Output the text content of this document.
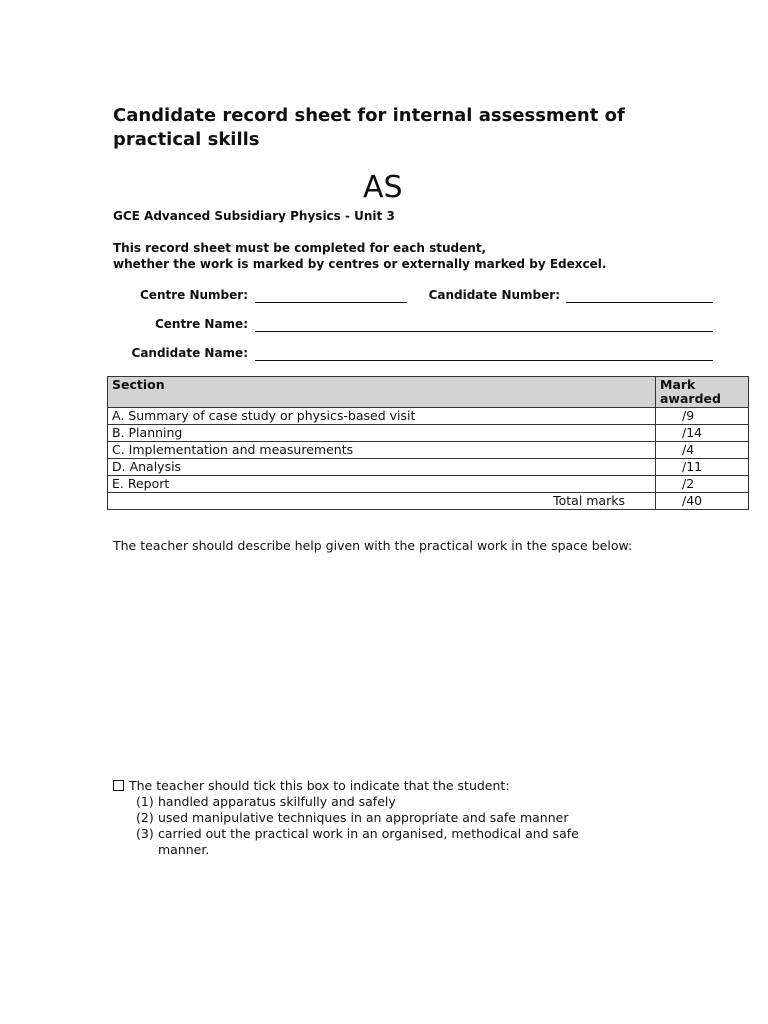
Candidate record sheet for internal assessment of practical skills
AS
GCE Advanced Subsidiary Physics - Unit 3
This record sheet must be completed for each student,
whether the work is marked by centres or externally marked by Edexcel.
Centre Number:	Candidate Number:
Centre Name:
Candidate Name:
Section	Mark awarded
A. Summary of case study or physics-based visit	/9
B. Planning	/14
C. Implementation and measurements	/4
D. Analysis	/11
E. Report	/2
Total marks	/40
The teacher should describe help given with the practical work in the space below:
The teacher should tick this box to indicate that the student:
(1) handled apparatus skilfully and safely
(2) used manipulative techniques in an appropriate and safe manner
(3) carried out the practical work in an organised, methodical and safe manner.
